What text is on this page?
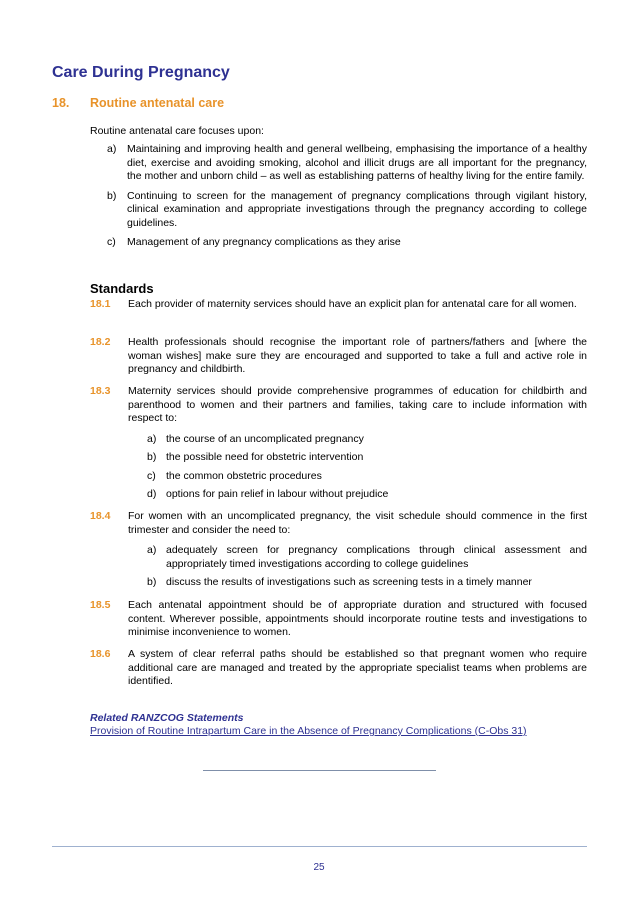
Care During Pregnancy
18. Routine antenatal care
Routine antenatal care focuses upon:
a) Maintaining and improving health and general wellbeing, emphasising the importance of a healthy diet, exercise and avoiding smoking, alcohol and illicit drugs are all important for the pregnancy, the mother and unborn child – as well as establishing patterns of healthy living for the entire family.
b) Continuing to screen for the management of pregnancy complications through vigilant history, clinical examination and appropriate investigations through the pregnancy according to college guidelines.
c) Management of any pregnancy complications as they arise
Standards
18.1 Each provider of maternity services should have an explicit plan for antenatal care for all women.
18.2 Health professionals should recognise the important role of partners/fathers and [where the woman wishes] make sure they are encouraged and supported to take a full and active role in pregnancy and childbirth.
18.3 Maternity services should provide comprehensive programmes of education for childbirth and parenthood to women and their partners and families, taking care to include information with respect to:
a) the course of an uncomplicated pregnancy
b) the possible need for obstetric intervention
c) the common obstetric procedures
d) options for pain relief in labour without prejudice
18.4 For women with an uncomplicated pregnancy, the visit schedule should commence in the first trimester and consider the need to:
a) adequately screen for pregnancy complications through clinical assessment and appropriately timed investigations according to college guidelines
b) discuss the results of investigations such as screening tests in a timely manner
18.5 Each antenatal appointment should be of appropriate duration and structured with focused content. Wherever possible, appointments should incorporate routine tests and investigations to minimise inconvenience to women.
18.6 A system of clear referral paths should be established so that pregnant women who require additional care are managed and treated by the appropriate specialist teams when problems are identified.
Related RANZCOG Statements
Provision of Routine Intrapartum Care in the Absence of Pregnancy Complications (C-Obs 31)
25
